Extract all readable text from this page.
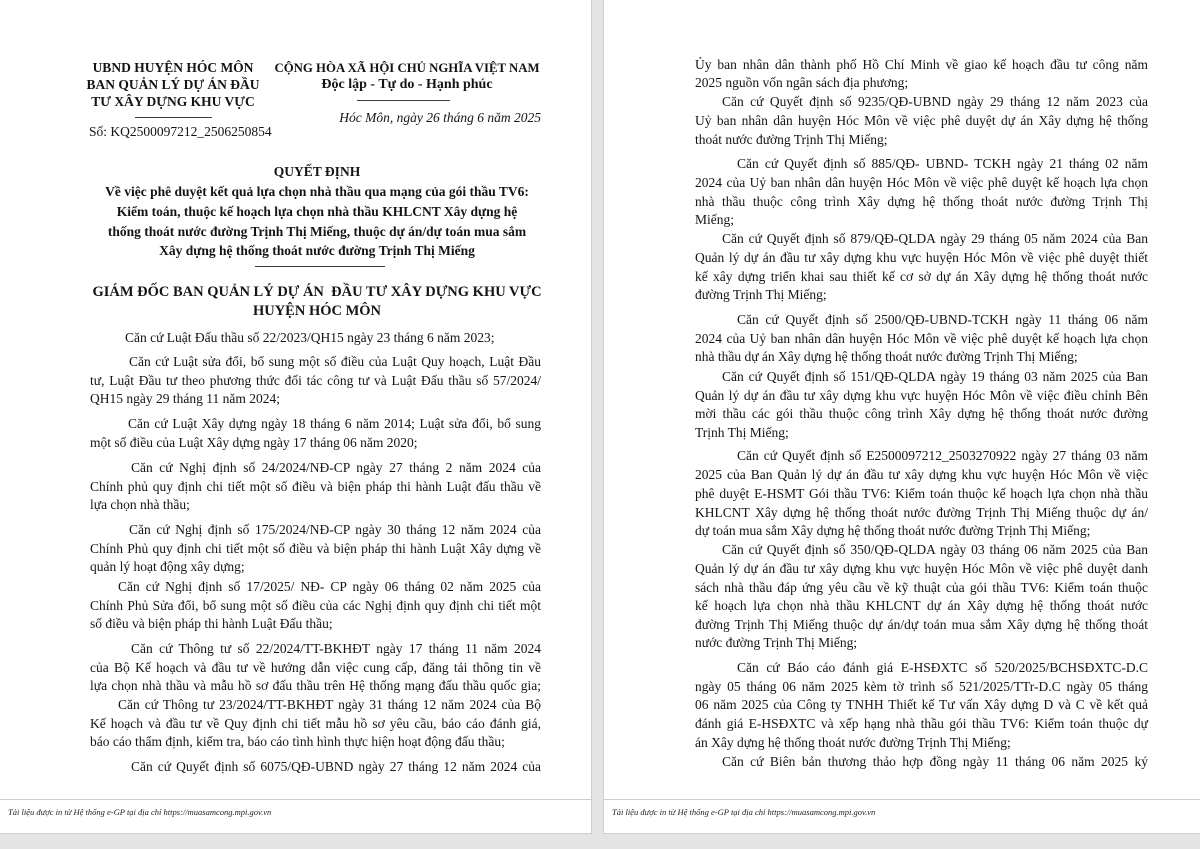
UBND HUYỆN HÓC MÔN
BAN QUẢN LÝ DỰ ÁN ĐẦU
TƯ XÂY DỰNG KHU VỰC
Số: KQ2500097212_2506250854
CỘNG HÒA XÃ HỘI CHỦ NGHĨA VIỆT NAM
Độc lập - Tự do - Hạnh phúc
Hóc Môn, ngày 26 tháng 6 năm 2025
QUYẾT ĐỊNH
Về việc phê duyệt kết quả lựa chọn nhà thầu qua mạng của gói thầu TV6:
Kiểm toán, thuộc kế hoạch lựa chọn nhà thầu KHLCNT Xây dựng hệ
thống thoát nước đường Trịnh Thị Miếng, thuộc dự án/dự toán mua sắm
Xây dựng hệ thống thoát nước đường Trịnh Thị Miếng
GIÁM ĐỐC BAN QUẢN LÝ DỰ ÁN  ĐẦU TƯ XÂY DỰNG KHU VỰC
HUYỆN HÓC MÔN
Căn cứ Luật Đấu thầu số 22/2023/QH15 ngày 23 tháng 6 năm 2023;
Căn cứ Luật sửa đổi, bổ sung một số điều của Luật Quy hoạch, Luật Đầu
tư, Luật Đầu tư theo phương thức đối tác công tư và Luật Đấu thầu số 57/2024/
QH15 ngày 29 tháng 11 năm 2024;
Căn cứ Luật Xây dựng ngày 18 tháng 6 năm 2014; Luật sửa đổi, bổ sung
một số điều của Luật Xây dựng ngày 17 tháng 06 năm 2020;
Căn cứ Nghị định số 24/2024/NĐ-CP ngày 27 tháng 2 năm 2024 của
Chính phủ quy định chi tiết một số điều và biện pháp thi hành Luật đấu thầu về
lựa chọn nhà thầu;
Căn cứ Nghị định số 175/2024/NĐ-CP ngày 30 tháng 12 năm 2024 của
Chính Phủ quy định chi tiết một số điều và biện pháp thi hành Luật Xây dựng về
quản lý hoạt động xây dựng;
Căn cứ Nghị định số 17/2025/ NĐ- CP ngày 06 tháng 02 năm 2025 của
Chính Phủ Sửa đổi, bổ sung một số điều của các Nghị định quy định chi tiết một
số điều và biện pháp thi hành Luật Đấu thầu;
Căn cứ Thông tư số 22/2024/TT-BKHĐT ngày 17 tháng 11 năm 2024
của Bộ Kế hoạch và đầu tư về hướng dẫn việc cung cấp, đăng tải thông tin về
lựa chọn nhà thầu và mẫu hồ sơ đấu thầu trên Hệ thống mạng đấu thầu quốc gia;
Căn cứ Thông tư 23/2024/TT-BKHĐT ngày 31 tháng 12 năm 2024 của Bộ
Kế hoạch và đầu tư về Quy định chi tiết mẫu hồ sơ yêu cầu, báo cáo đánh giá,
báo cáo thẩm định, kiểm tra, báo cáo tình hình thực hiện hoạt động đấu thầu;
Căn cứ Quyết định số 6075/QĐ-UBND ngày 27 tháng 12 năm 2024 của
Tài liệu được in từ Hệ thống e-GP tại địa chỉ https://muasamcong.mpi.gov.vn
Ủy ban nhân dân thành phố Hồ Chí Minh về giao kế hoạch đầu tư công năm
2025 nguồn vốn ngân sách địa phương;
Căn cứ Quyết định số 9235/QĐ-UBND ngày 29 tháng 12 năm 2023 của
Uỷ ban nhân dân huyện Hóc Môn về việc phê duyệt dự án Xây dựng hệ thống
thoát nước đường Trịnh Thị Miếng;
Căn cứ Quyết định số 885/QĐ- UBND- TCKH ngày 21 tháng 02 năm
2024 của Uỷ ban nhân dân huyện Hóc Môn về việc phê duyệt kế hoạch lựa chọn
nhà thầu thuộc công trình Xây dựng hệ thống thoát nước đường Trịnh Thị
Miếng;
Căn cứ Quyết định số 879/QĐ-QLDA ngày 29 tháng 05 năm 2024 của Ban
Quản lý dự án đầu tư xây dựng khu vực huyện Hóc Môn về việc phê duyệt thiết
kế xây dựng triển khai sau thiết kế cơ sở dự án Xây dựng hệ thống thoát nước
đường Trịnh Thị Miếng;
Căn cứ Quyết định số 2500/QĐ-UBND-TCKH ngày 11 tháng 06 năm
2024 của Uỷ ban nhân dân huyện Hóc Môn về việc phê duyệt kế hoạch lựa chọn
nhà thầu dự án Xây dựng hệ thống thoát nước đường Trịnh Thị Miếng;
Căn cứ Quyết định số 151/QĐ-QLDA ngày 19 tháng 03 năm 2025 của Ban
Quản lý dự án đầu tư xây dựng khu vực huyện Hóc Môn về việc điều chỉnh Bên
mời thầu các gói thầu thuộc công trình Xây dựng hệ thống thoát nước đường
Trịnh Thị Miếng;
Căn cứ Quyết định số E2500097212_2503270922 ngày 27 tháng 03 năm
2025 của Ban Quản lý dự án đầu tư xây dựng khu vực huyện Hóc Môn về việc
phê duyệt E-HSMT Gói thầu TV6: Kiểm toán thuộc kế hoạch lựa chọn nhà thầu
KHLCNT Xây dựng hệ thống thoát nước đường Trịnh Thị Miếng thuộc dự án/
dự toán mua sắm Xây dựng hệ thống thoát nước đường Trịnh Thị Miếng;
Căn cứ Quyết định số 350/QĐ-QLDA ngày 03 tháng 06 năm 2025 của Ban
Quản lý dự án đầu tư xây dựng khu vực huyện Hóc Môn về việc phê duyệt danh
sách nhà thầu đáp ứng yêu cầu về kỹ thuật của gói thầu TV6: Kiểm toán thuộc
kế hoạch lựa chọn nhà thầu KHLCNT dự án Xây dựng hệ thống thoát nước
đường Trịnh Thị Miếng thuộc dự án/dự toán mua sắm Xây dựng hệ thống thoát
nước đường Trịnh Thị Miếng;
Căn cứ Báo cáo đánh giá E-HSĐXTC số 520/2025/BCHSĐXTC-D.C
ngày 05 tháng 06 năm 2025 kèm tờ trình số 521/2025/TTr-D.C ngày 05 tháng
06 năm 2025 của Công ty TNHH Thiết kế Tư vấn Xây dựng D và C về kết quả
đánh giá E-HSĐXTC và xếp hạng nhà thầu gói thầu TV6: Kiểm toán thuộc dự
án Xây dựng hệ thống thoát nước đường Trịnh Thị Miếng;
Căn cứ Biên bản thương thảo hợp đồng ngày 11 tháng 06 năm 2025 ký
Tài liệu được in từ Hệ thống e-GP tại địa chỉ https://muasamcong.mpi.gov.vn
